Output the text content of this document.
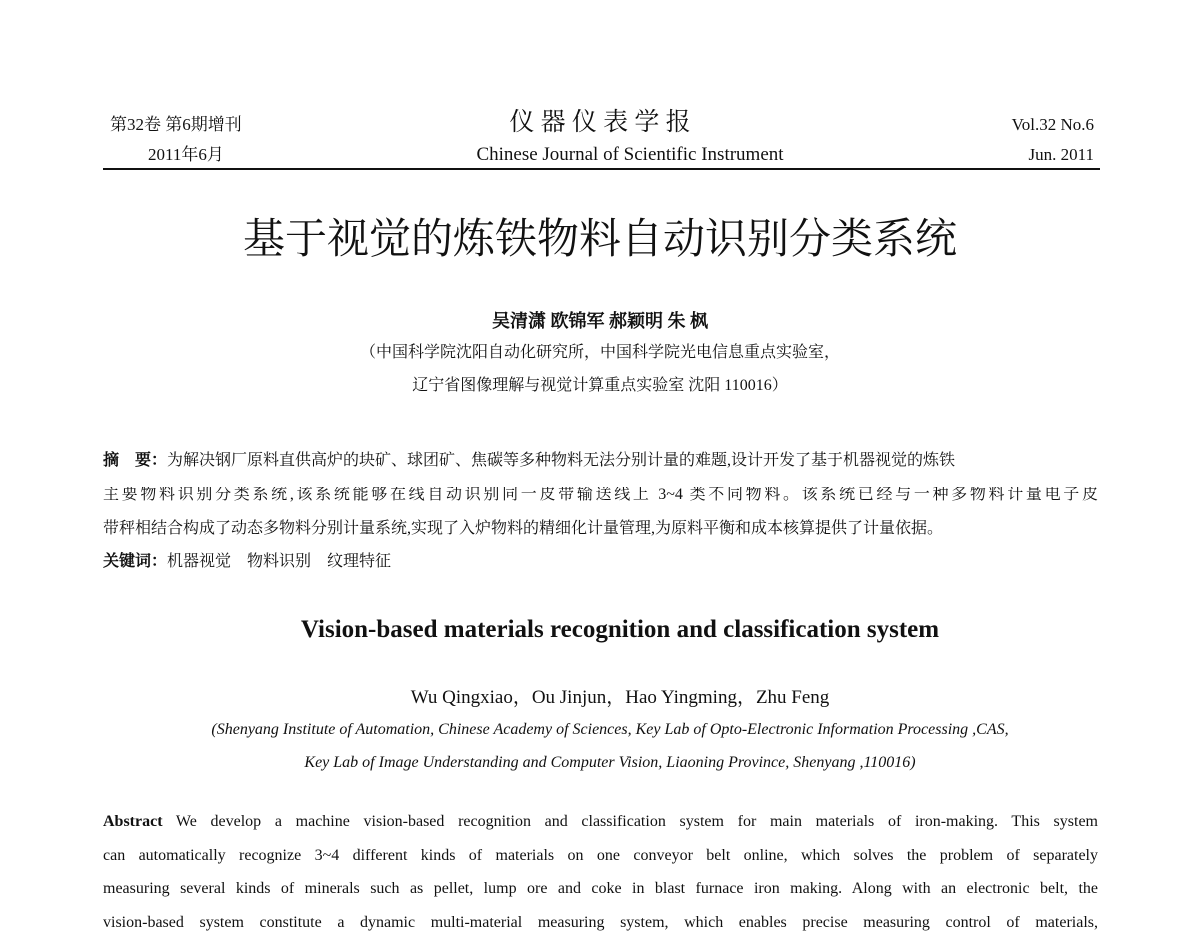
第32卷 第6期增刊
2011年6月
仪 器 仪 表 学 报
Chinese Journal of Scientific Instrument
Vol.32 No.6
Jun. 2011
基于视觉的炼铁物料自动识别分类系统
吴清潇 欧锦军 郝颖明 朱 枫
（中国科学院沈阳自动化研究所，中国科学院光电信息重点实验室，
辽宁省图像理解与视觉计算重点实验室 沈阳 110016）
摘　要：为解决钢厂原料直供高炉的块矿、球团矿、焦碳等多种物料无法分别计量的难题,设计开发了基于机器视觉的炼铁
主要物料识别分类系统,该系统能够在线自动识别同一皮带输送线上 3~4 类不同物料。该系统已经与一种多物料计量电子皮
带秤相结合构成了动态多物料分别计量系统,实现了入炉物料的精细化计量管理,为原料平衡和成本核算提供了计量依据。
关键词：机器视觉　物料识别　纹理特征
Vision-based materials recognition and classification system
Wu Qingxiao，Ou Jinjun，Hao Yingming，Zhu Feng
(Shenyang Institute of Automation, Chinese Academy of Sciences, Key Lab of Opto-Electronic Information Processing ,CAS,
Key Lab of Image Understanding and Computer Vision, Liaoning Province, Shenyang ,110016)
Abstract We develop a machine vision-based recognition and classification system for main materials of iron-making. This system
can automatically recognize 3~4 different kinds of materials on one conveyor belt online, which solves the problem of separately
measuring several kinds of minerals such as pellet, lump ore and coke in blast furnace iron making. Along with an electronic belt, the
vision-based system constitute a dynamic multi-material measuring system, which enables precise measuring control of materials,
